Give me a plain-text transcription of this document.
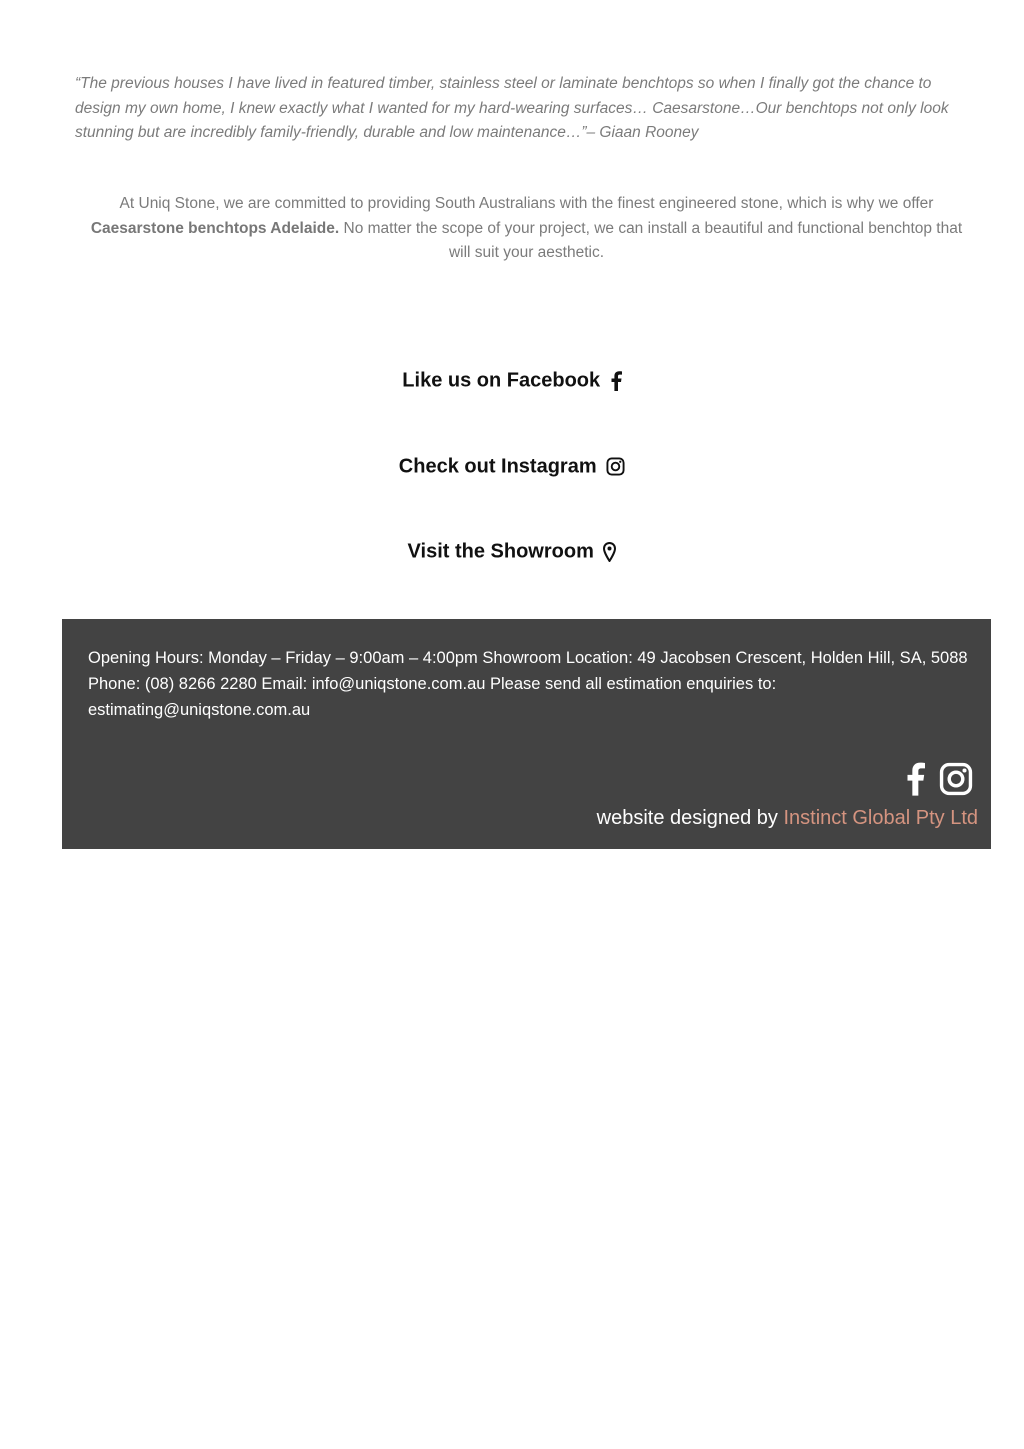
“The previous houses I have lived in featured timber, stainless steel or laminate benchtops so when I finally got the chance to design my own home, I knew exactly what I wanted for my hard-wearing surfaces… Caesarstone…Our benchtops not only look stunning but are incredibly family-friendly, durable and low maintenance…”– Giaan Rooney

At Uniq Stone, we are committed to providing South Australians with the finest engineered stone, which is why we offer Caesarstone benchtops Adelaide. No matter the scope of your project, we can install a beautiful and functional benchtop that will suit your aesthetic.

Like us on Facebook
Check out Instagram
Visit the Showroom

Opening Hours: Monday – Friday – 9:00am – 4:00pm Showroom Location: 49 Jacobsen Crescent, Holden Hill, SA, 5088 Phone: (08) 8266 2280 Email: info@uniqstone.com.au Please send all estimation enquiries to: estimating@uniqstone.com.au

website designed by Instinct Global Pty Ltd
